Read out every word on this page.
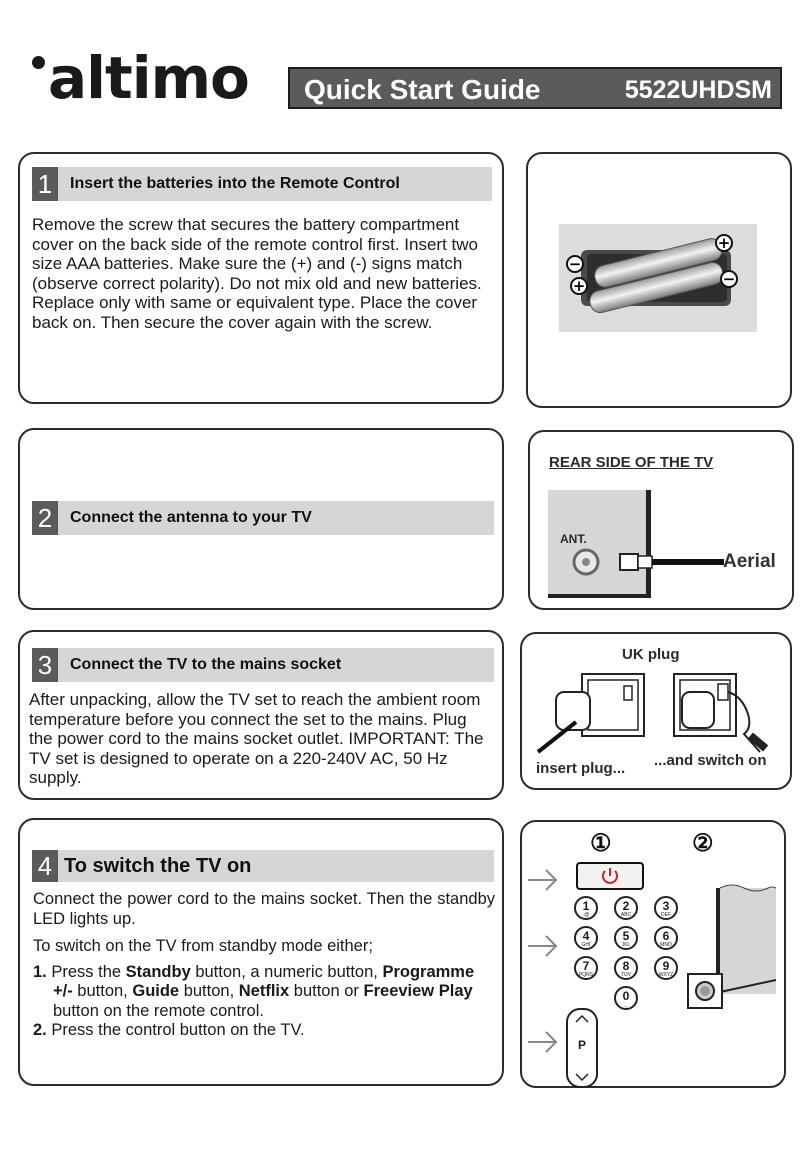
altimo Quick Start Guide	5522UHDSM
1	Insert the batteries into the Remote Control
Remove the screw that secures the battery compartment cover on the back side of the remote control first. Insert two size AAA batteries. Make sure the (+) and (-) signs match (observe correct polarity). Do not mix old and new batteries. Replace only with same or equivalent type. Place the cover back on. Then secure the cover again with the screw.
+
−
+	−
2	Connect the antenna to your TV
REAR SIDE OF THE TV
ANT.
Aerial
3	Connect the TV to the mains socket
After unpacking, allow the TV set to reach the ambient room temperature before you connect the set to the mains. Plug the power cord to the mains socket outlet. IMPORTANT: The TV set is designed to operate on a 220-240V AC, 50 Hz supply.
UK plug
insert plug... ...and switch on
4 To switch the TV on

Connect the power cord to the mains socket. Then the standby LED lights up.

To switch on the TV from standby mode either;

1. Press the Standby button, a numeric button, Programme +/- button, Guide button, Netflix button or Freeview Play button on the remote control.

2. Press the control button on the TV.

①	②
1
.@
2
ABC
3
DEF
4
GHI
5
JKL
6
MNO
7
PQRS
8
TUV
9
WXYZ
0
_
P
